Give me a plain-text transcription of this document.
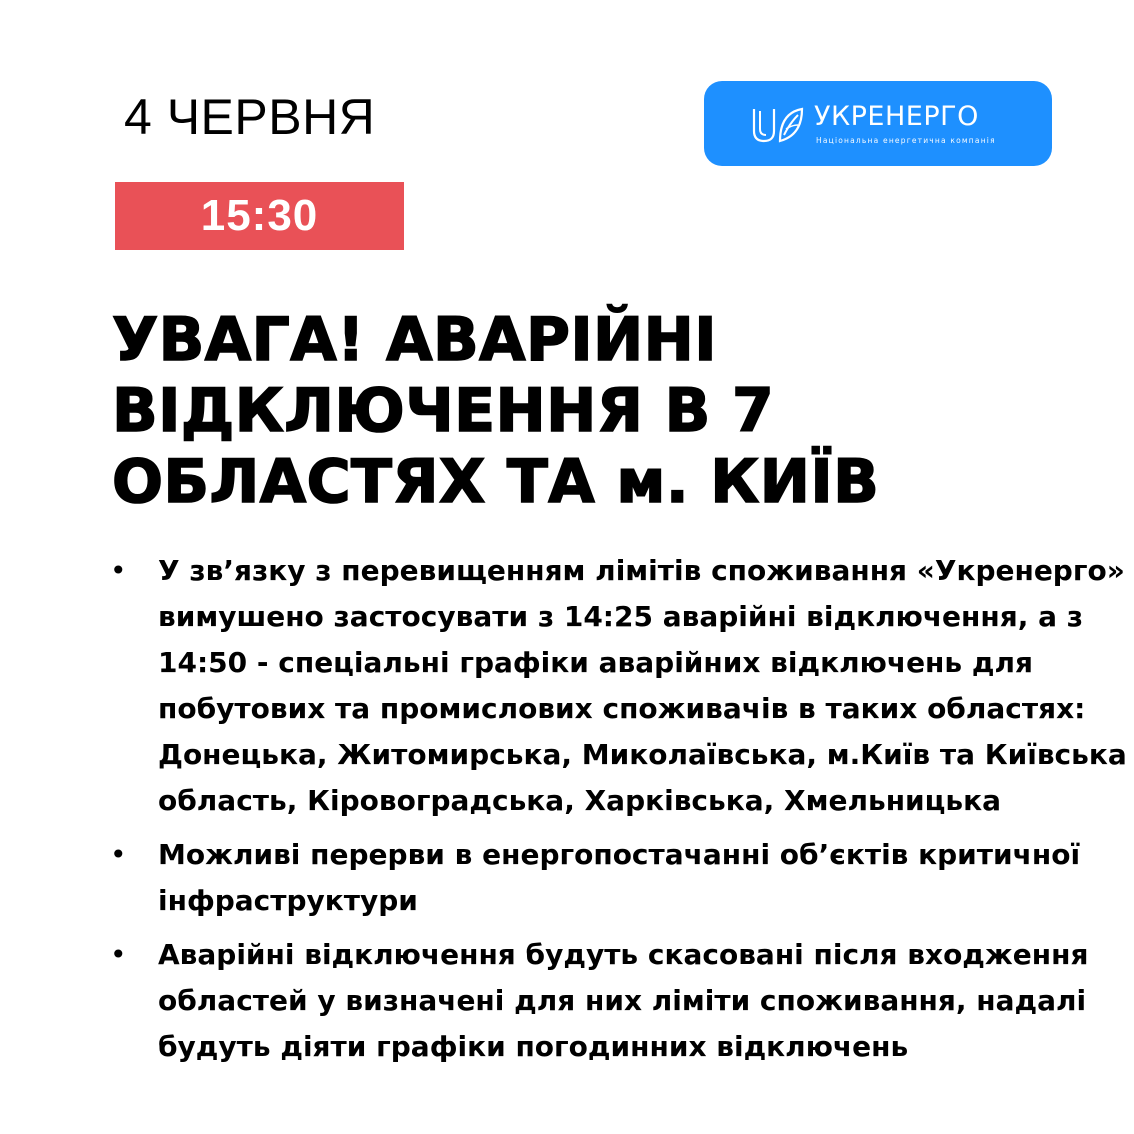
4 ЧЕРВНЯ
15:30
УКРЕНЕРГО
Національна енергетична компанія
УВАГА! АВАРІЙНІ
ВІДКЛЮЧЕННЯ В 7
ОБЛАСТЯХ ТА м. КИЇВ
• У зв’язку з перевищенням лімітів споживання «Укренерго»
вимушено застосувати з 14:25 аварійні відключення, а з
14:50 - спеціальні графіки аварійних відключень для
побутових та промислових споживачів в таких областях:
Донецька, Житомирська, Миколаївська, м.Київ та Київська
область, Кіровоградська, Харківська, Хмельницька
• Можливі перерви в енергопостачанні об’єктів критичної
інфраструктури
• Аварійні відключення будуть скасовані після входження
областей у визначені для них ліміти споживання, надалі
будуть діяти графіки погодинних відключень
